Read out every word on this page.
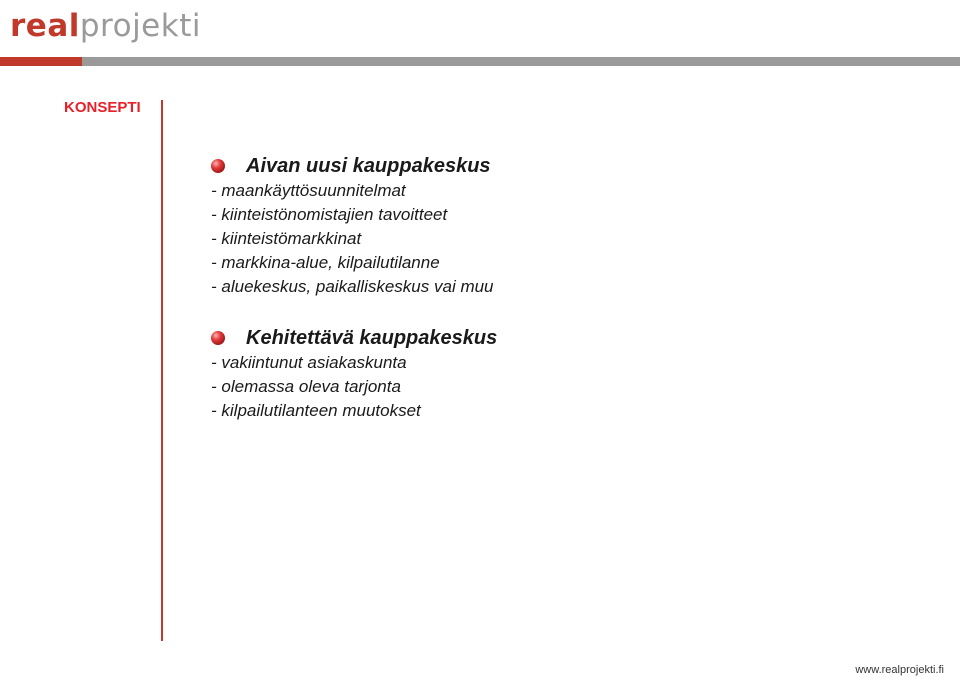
realprojekti
KONSEPTI
Aivan uusi kauppakeskus
- maankäyttösuunnitelmat
- kiinteistönomistajien tavoitteet
- kiinteistömarkkinat
- markkina-alue, kilpailutilanne
- aluekeskus, paikalliskeskus vai muu
Kehitettävä kauppakeskus
- vakiintunut asiakaskunta
- olemassa oleva tarjonta
- kilpailutilanteen muutokset
www.realprojekti.fi
